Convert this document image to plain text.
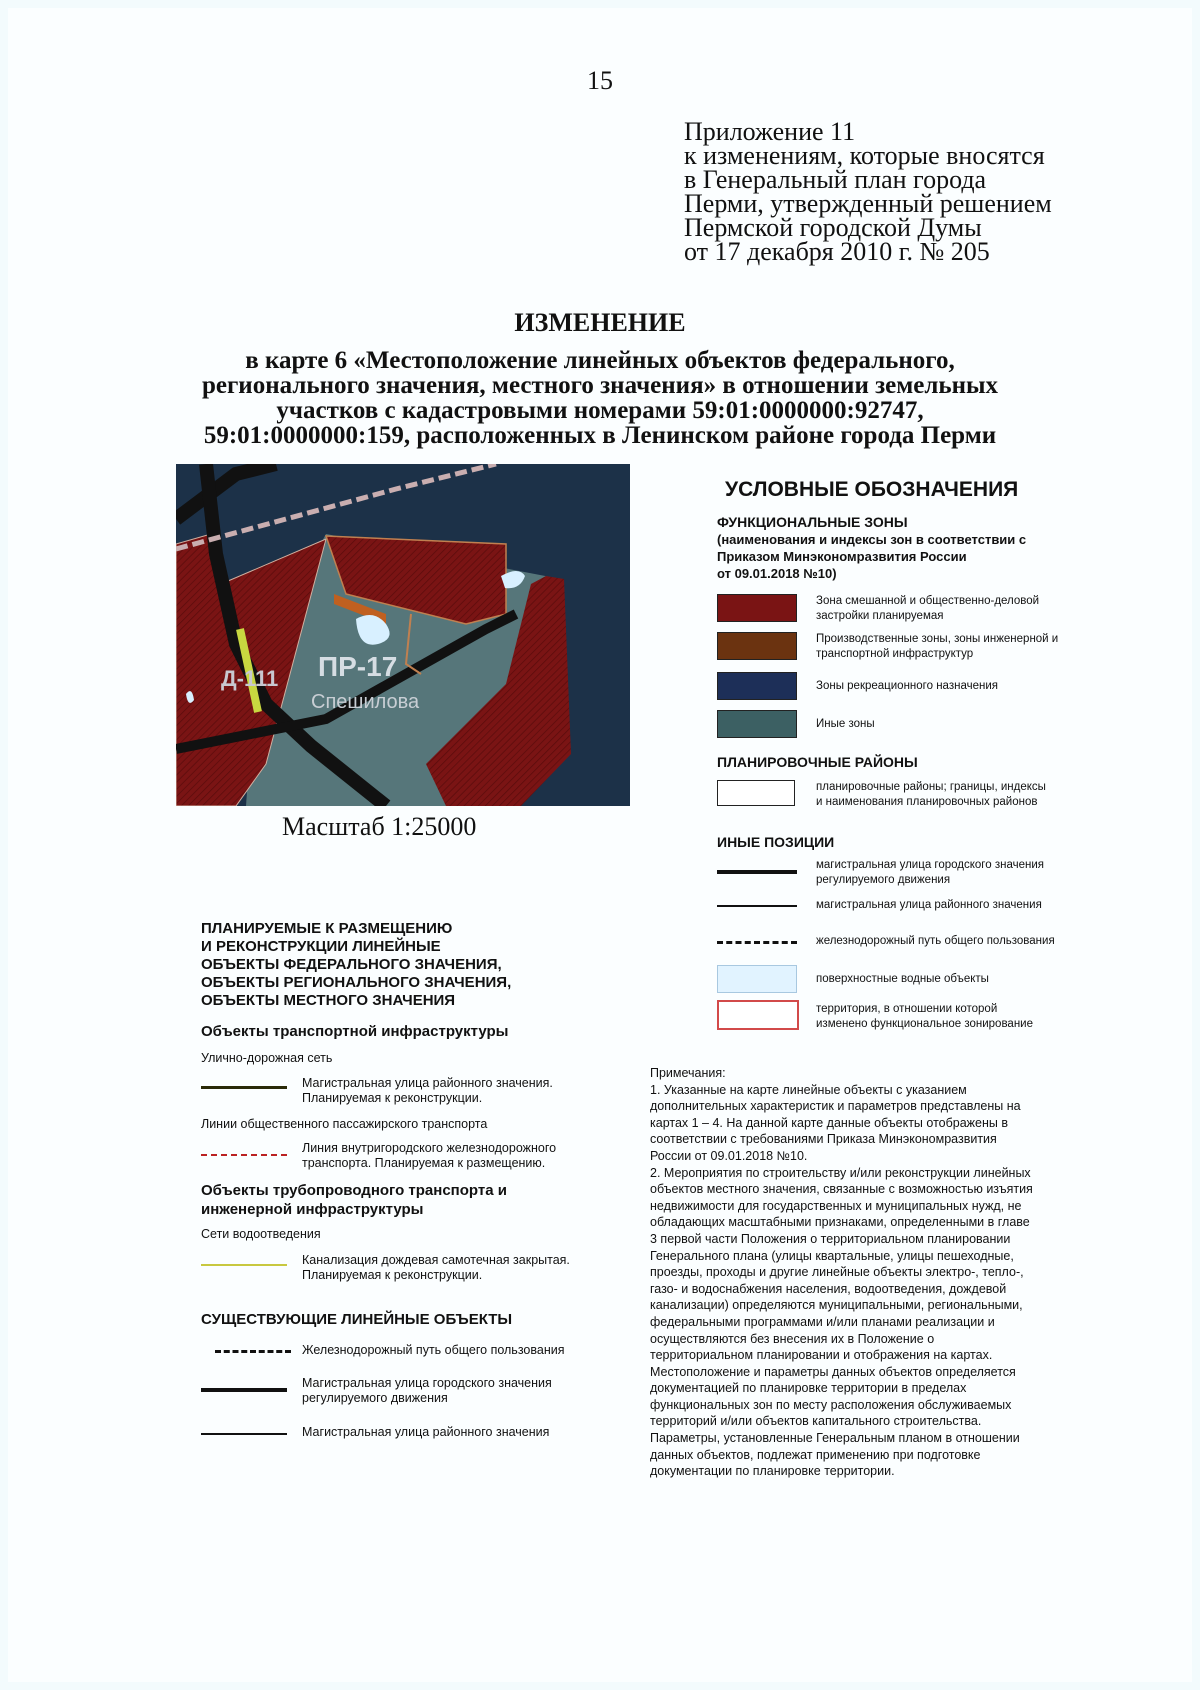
15
Приложение 11
к изменениям, которые вносятся
в Генеральный план города
Перми, утвержденный решением
Пермской городской Думы
от 17 декабря 2010 г. № 205
ИЗМЕНЕНИЕ
в карте 6 «Местоположение линейных объектов федерального,
регионального значения, местного значения» в отношении земельных
участков с кадастровыми номерами 59:01:0000000:92747,
59:01:0000000:159, расположенных в Ленинском районе города Перми
Д-111 ПР-17
Спешилова
Масштаб 1:25000
УСЛОВНЫЕ ОБОЗНАЧЕНИЯ
ФУНКЦИОНАЛЬНЫЕ ЗОНЫ
(наименования и индексы зон в соответствии с
Приказом Минэкономразвития России
от 09.01.2018 №10)
Зона смешанной и общественно-деловой
застройки планируемая
Производственные зоны, зоны инженерной и
транспортной инфраструктур
Зоны рекреационного назначения
Иные зоны
ПЛАНИРОВОЧНЫЕ РАЙОНЫ
планировочные районы; границы, индексы
и наименования планировочных районов
ИНЫЕ ПОЗИЦИИ
магистральная улица городского значения
регулируемого движения
магистральная улица районного значения
железнодорожный путь общего пользования
поверхностные водные объекты
территория, в отношении которой
изменено функциональное зонирование

Примечания:

1. Указанные на карте линейные объекты с указанием
дополнительных характеристик и параметров представлены на
картах 1 – 4. На данной карте данные объекты отображены в
соответствии с требованиями Приказа Минэкономразвития
России от 09.01.2018 №10.
2. Мероприятия по строительству и/или реконструкции линейных
объектов местного значения, связанные с возможностью изъятия
недвижимости для государственных и муниципальных нужд, не
обладающих масштабными признаками, определенными в главе
3 первой части Положения о территориальном планировании
Генерального плана (улицы квартальные, улицы пешеходные,
проезды, проходы и другие линейные объекты электро-, тепло-,
газо- и водоснабжения населения, водоотведения, дождевой
канализации) определяются муниципальными, региональными,
федеральными программами и/или планами реализации и
осуществляются без внесения их в Положение о
территориальном планировании и отображения на картах.
Местоположение и параметры данных объектов определяется
документацией по планировке территории в пределах
функциональных зон по месту расположения обслуживаемых
территорий и/или объектов капитального строительства.
Параметры, установленные Генеральным планом в отношении
данных объектов, подлежат применению при подготовке
документации по планировке территории.
ПЛАНИРУЕМЫЕ К РАЗМЕЩЕНИЮ
И РЕКОНСТРУКЦИИ ЛИНЕЙНЫЕ
ОБЪЕКТЫ ФЕДЕРАЛЬНОГО ЗНАЧЕНИЯ,
ОБЪЕКТЫ РЕГИОНАЛЬНОГО ЗНАЧЕНИЯ,
ОБЪЕКТЫ МЕСТНОГО ЗНАЧЕНИЯ
Объекты транспортной инфраструктуры
Улично-дорожная сеть
Магистральная улица районного значения.
Планируемая к реконструкции.
Линии общественного пассажирского транспорта
Линия внутригородского железнодорожного
транспорта. Планируемая к размещению.
Объекты трубопроводного транспорта и
инженерной инфраструктуры
Сети водоотведения
Канализация дождевая самотечная закрытая.
Планируемая к реконструкции.
СУЩЕСТВУЮЩИЕ ЛИНЕЙНЫЕ ОБЪЕКТЫ
Железнодорожный путь общего пользования
Магистральная улица городского значения
регулируемого движения
Магистральная улица районного значения
